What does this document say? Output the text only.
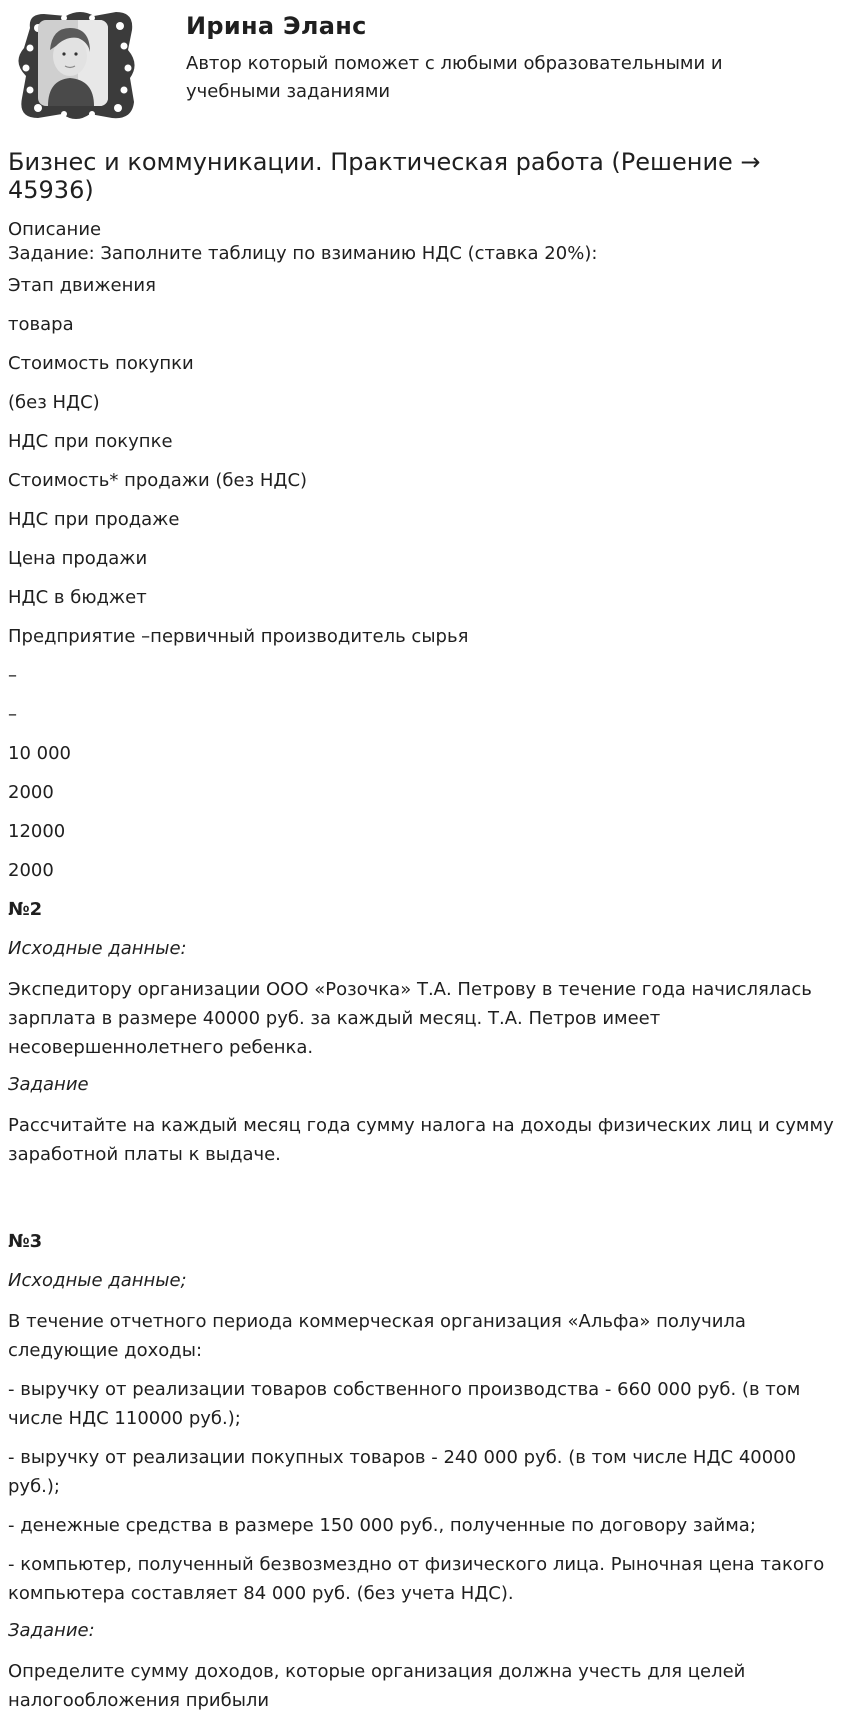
Ирина Эланс
Автор который поможет с любыми образовательными и учебными заданиями
Бизнес и коммуникации. Практическая работа (Решение → 45936)
Описание
Задание: Заполните таблицу по взиманию НДС (ставка 20%):
Этап движения
товара
Стоимость покупки
(без НДС)
НДС при покупке
Стоимость* продажи (без НДС)
НДС при продаже
Цена продажи
НДС в бюджет
Предприятие –первичный производитель сырья
–
–
10 000
2000
12000
2000
№2
Исходные данные:
Экспедитору организации ООО «Розочка» Т.А. Петрову в течение года начислялась зарплата в размере 40000 руб. за каждый месяц. Т.А. Петров имеет несовершеннолетнего ребенка.
Задание
Рассчитайте на каждый месяц года сумму налога на доходы физических лиц и сумму заработной платы к выдаче.
№3
Исходные данные;
В течение отчетного периода коммерческая организация «Альфа» получила следующие доходы:
- выручку от реализации товаров собственного производства - 660 000 руб. (в том числе НДС 110000 руб.);
- выручку от реализации покупных товаров - 240 000 руб. (в том числе НДС 40000 руб.);
- денежные средства в размере 150 000 руб., полученные по договору займа;
- компьютер, полученный безвозмездно от физического лица. Рыночная цена такого компьютера составляет 84 000 руб. (без учета НДС).
Задание:
Определите сумму доходов, которые организация должна учесть для целей налогообложения прибыли
